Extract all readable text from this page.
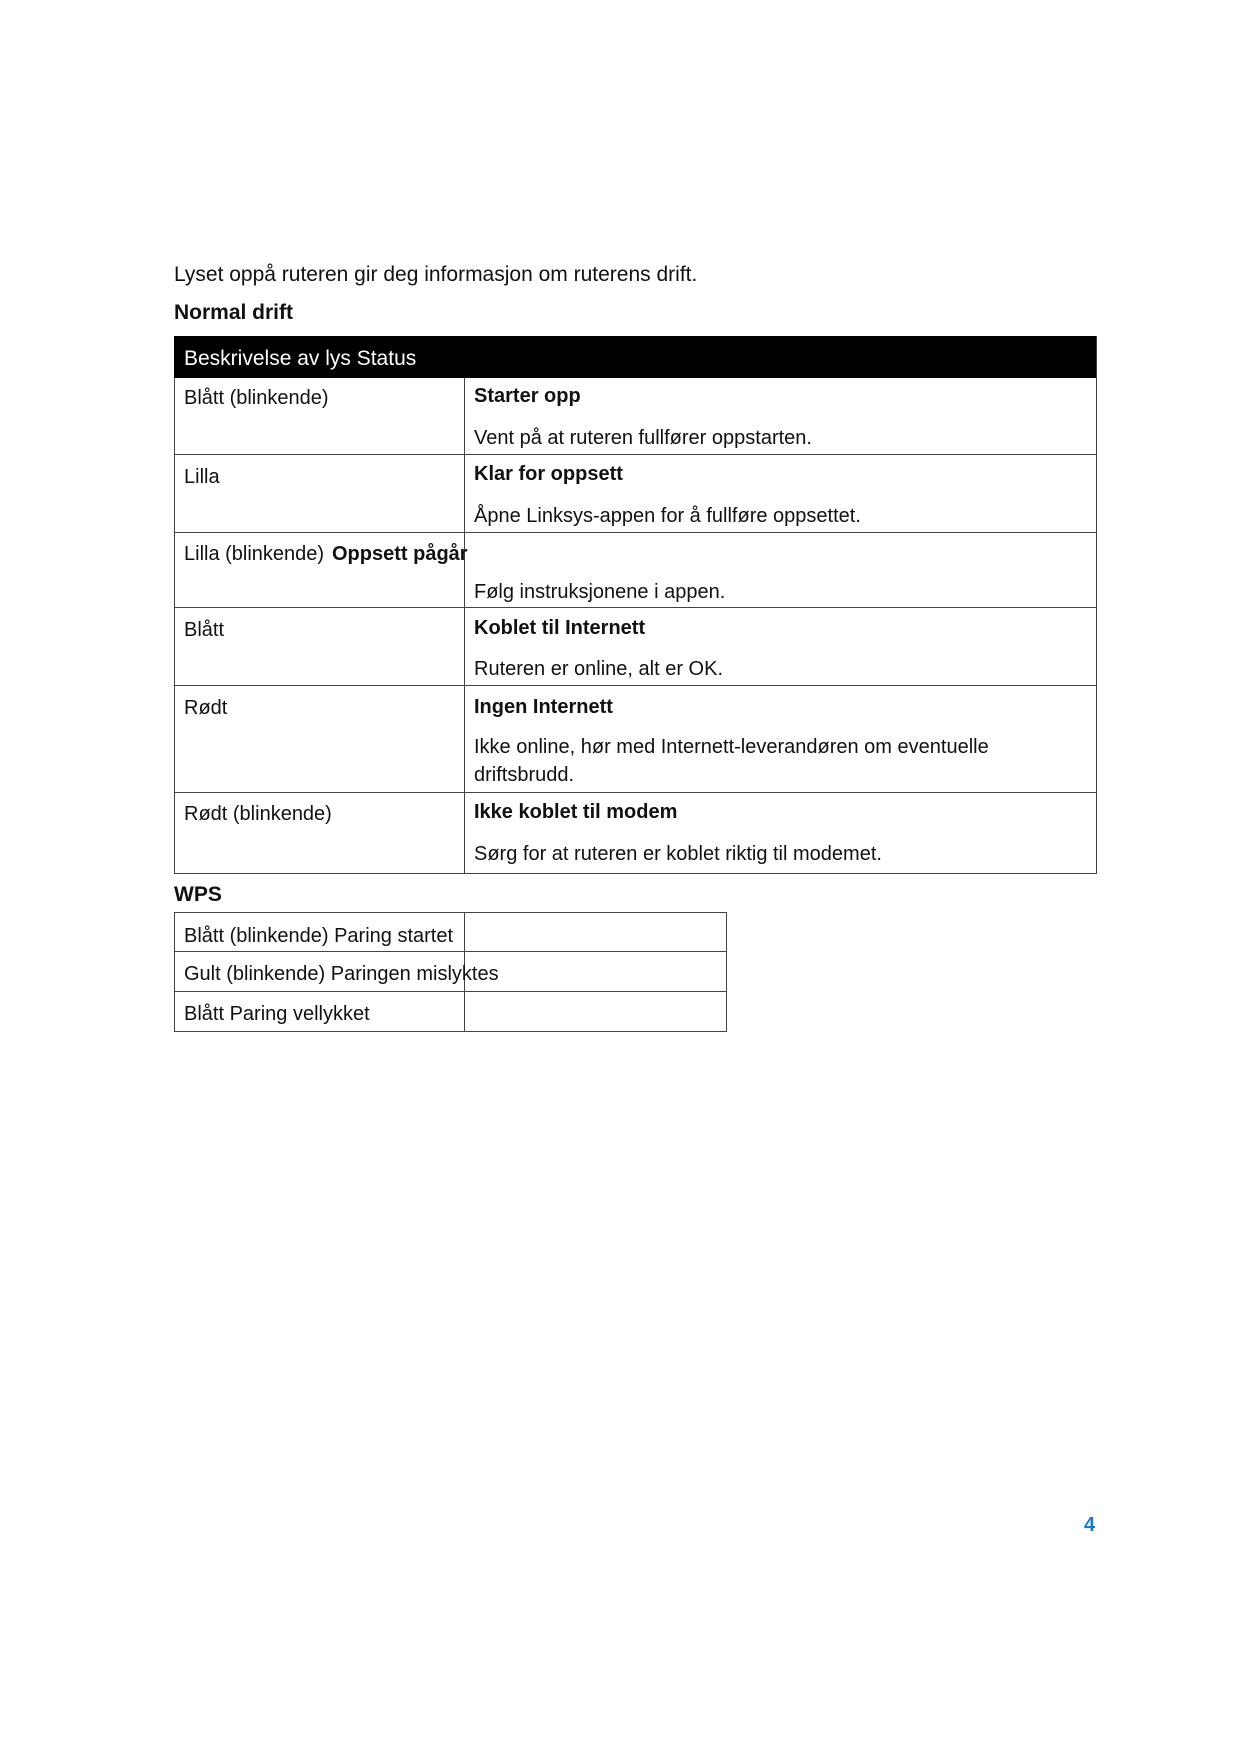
Lyset oppå ruteren gir deg informasjon om ruterens drift.
Normal drift
Beskrivelse av lys Status
Blått (blinkende)	Starter opp
Vent på at ruteren fullfører oppstarten.
Lilla	Klar for oppsett
Åpne Linksys-appen for å fullføre oppsettet.
Lilla (blinkende) Oppsett pågår
Følg instruksjonene i appen.
Blått	Koblet til Internett
Ruteren er online, alt er OK.
Rødt	Ingen Internett
Ikke online, hør med Internett-leverandøren om eventuelle
driftsbrudd.
Rødt (blinkende)	Ikke koblet til modem
Sørg for at ruteren er koblet riktig til modemet.
WPS
Blått (blinkende) Paring startet
Gult (blinkende) Paringen mislyktes
Blått Paring vellykket
4
